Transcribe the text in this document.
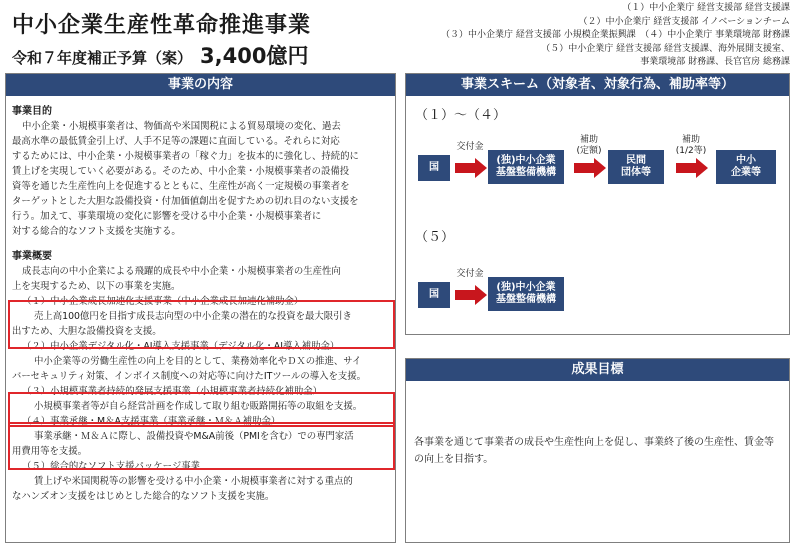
中小企業生産性革命推進事業
令和７年度補正予算（案） 3,400億円
（１）中小企業庁 経営支援部 経営支援課
（２）中小企業庁 経営支援部 イノベーションチーム
（３）中小企業庁 経営支援部 小規模企業振興課　（４）中小企業庁 事業環境部 財務課
（５）中小企業庁 経営支援部 経営支援課、海外展開支援室、
事業環境部 財務課、長官官房 総務課
事業の内容
事業目的
中小企業・小規模事業者は、物価高や米国関税による貿易環境の変化、過去
最高水準の最低賃金引上げ、人手不足等の課題に直面している。それらに対応
するためには、中小企業・小規模事業者の「稼ぐ力」を抜本的に強化し、持続的に
賃上げを実現していく必要がある。そのため、中小企業・小規模事業者の設備投
資等を通じた生産性向上を促進するとともに、生産性が高く一定規模の事業者を
ターゲットとした大胆な設備投資・付加価値創出を促すための切れ目のない支援を
行う。加えて、事業環境の変化に影響を受ける中小企業・小規模事業者に
対する総合的なソフト支援を実施する。
事業概要
成長志向の中小企業による飛躍的成長や中小企業・小規模事業者の生産性向
上を実現するため、以下の事業を実施。
（１）中小企業成長加速化支援事業（中小企業成長加速化補助金）
売上高100億円を目指す成長志向型の中小企業の潜在的な投資を最大限引き
出すため、大胆な設備投資を支援。
（２）中小企業デジタル化・AI導入支援事業（デジタル化・AI導入補助金）
中小企業等の労働生産性の向上を目的として、業務効率化やＤＸの推進、サイ
バーセキュリティ対策、インボイス制度への対応等に向けたITツールの導入を支援。
（３）小規模事業者持続的発展支援事業（小規模事業者持続化補助金）
小規模事業者等が自ら経営計画を作成して取り組む販路開拓等の取組を支援。
（４）事業承継・M＆A支援事業（事業承継・Ｍ＆Ａ補助金）
事業承継・Ｍ＆Ａに際し、設備投資やM&A前後（PMIを含む）での専門家活
用費用等を支援。
（５）総合的なソフト支援パッケージ事業
賃上げや米国関税等の影響を受ける中小企業・小規模事業者に対する重点的
なハンズオン支援をはじめとした総合的なソフト支援を実施。
事業スキーム（対象者、対象行為、補助率等）
（１）～（４）
国
交付金
(独)中小企業
基盤整備機構
補助
(定額)
民間
団体等
補助
(1/2等)
中小
企業等
（５）
国
交付金
(独)中小企業
基盤整備機構
成果目標
各事業を通じて事業者の成長や生産性向上を促し、事業終了後の生産性、賃金等の向上を目指す。
